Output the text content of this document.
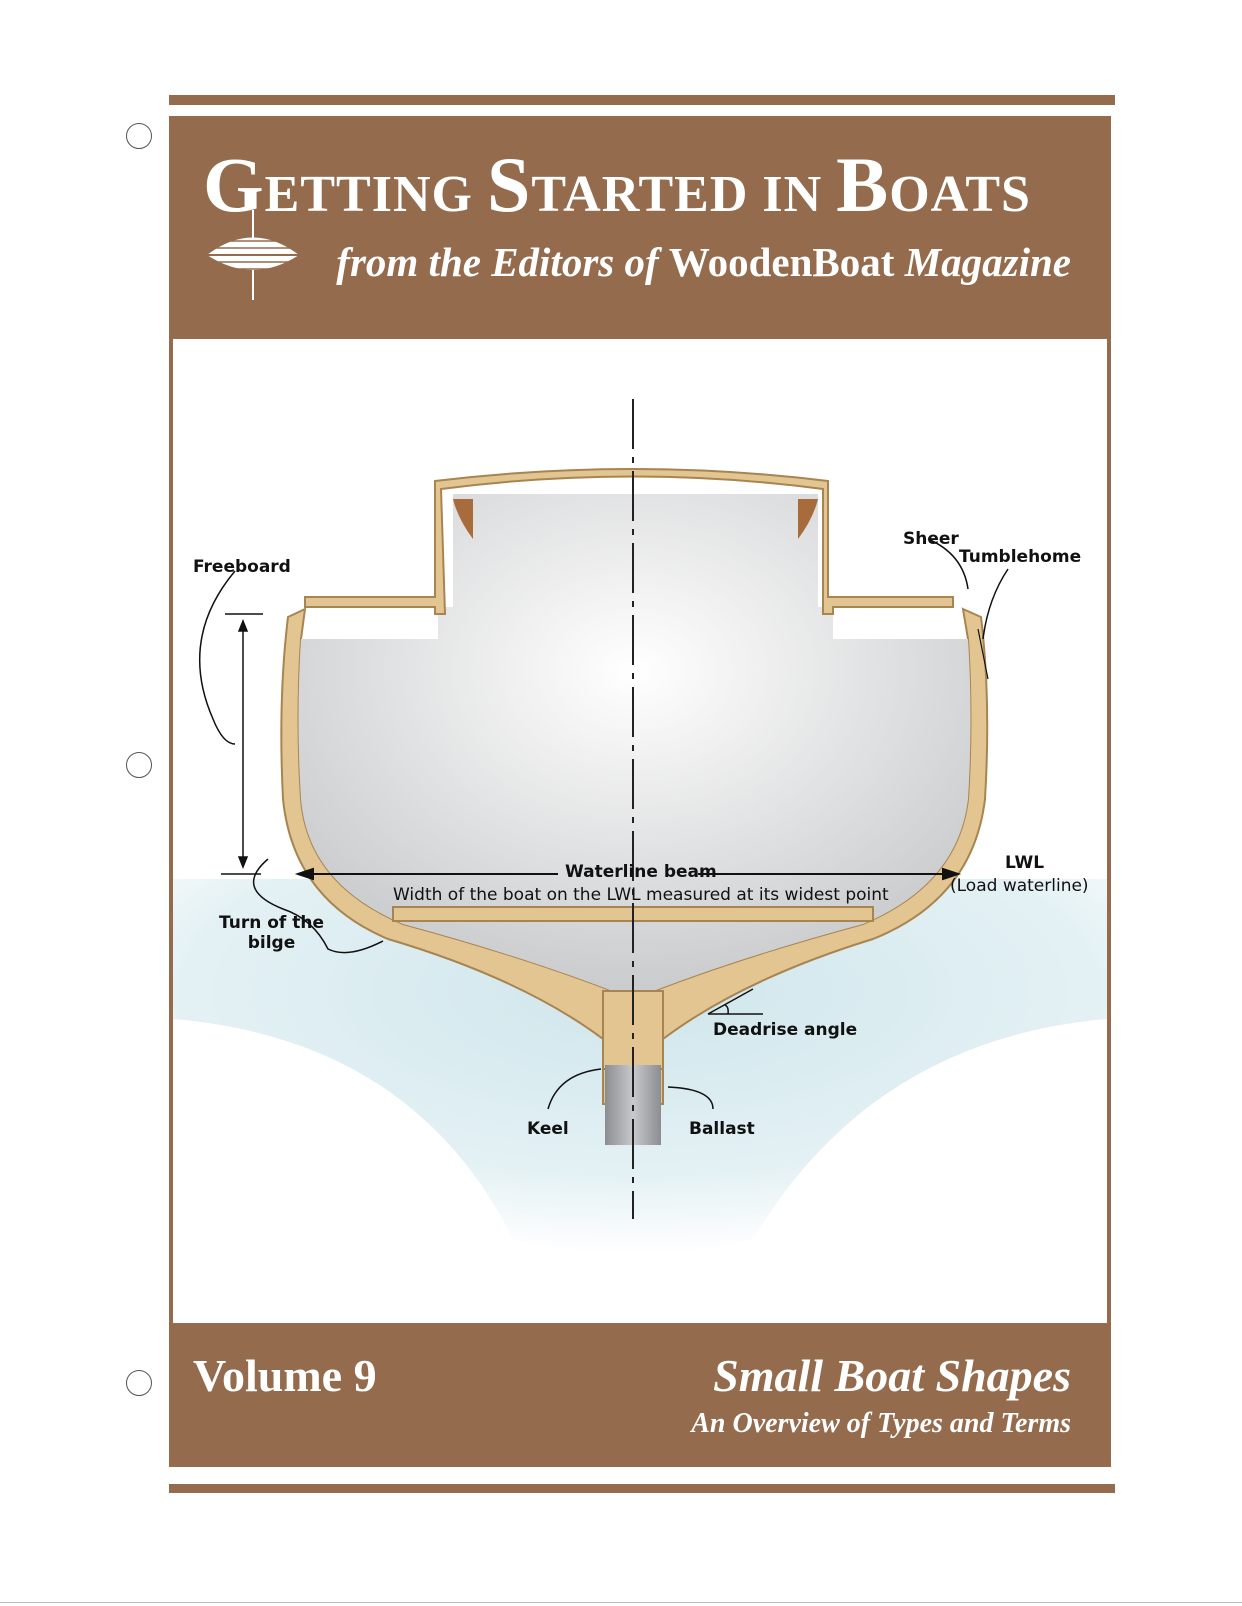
GETTING STARTED IN BOATS
from the Editors of WoodenBoat Magazine
Freeboard
Sheer
Tumblehome
LWL
(Load waterline)
Waterline beam
Width of the boat on the LWL measured at its widest point
Turn of the
bilge
Deadrise angle
Keel	Ballast
Volume 9	Small Boat Shapes
An Overview of Types and Terms
